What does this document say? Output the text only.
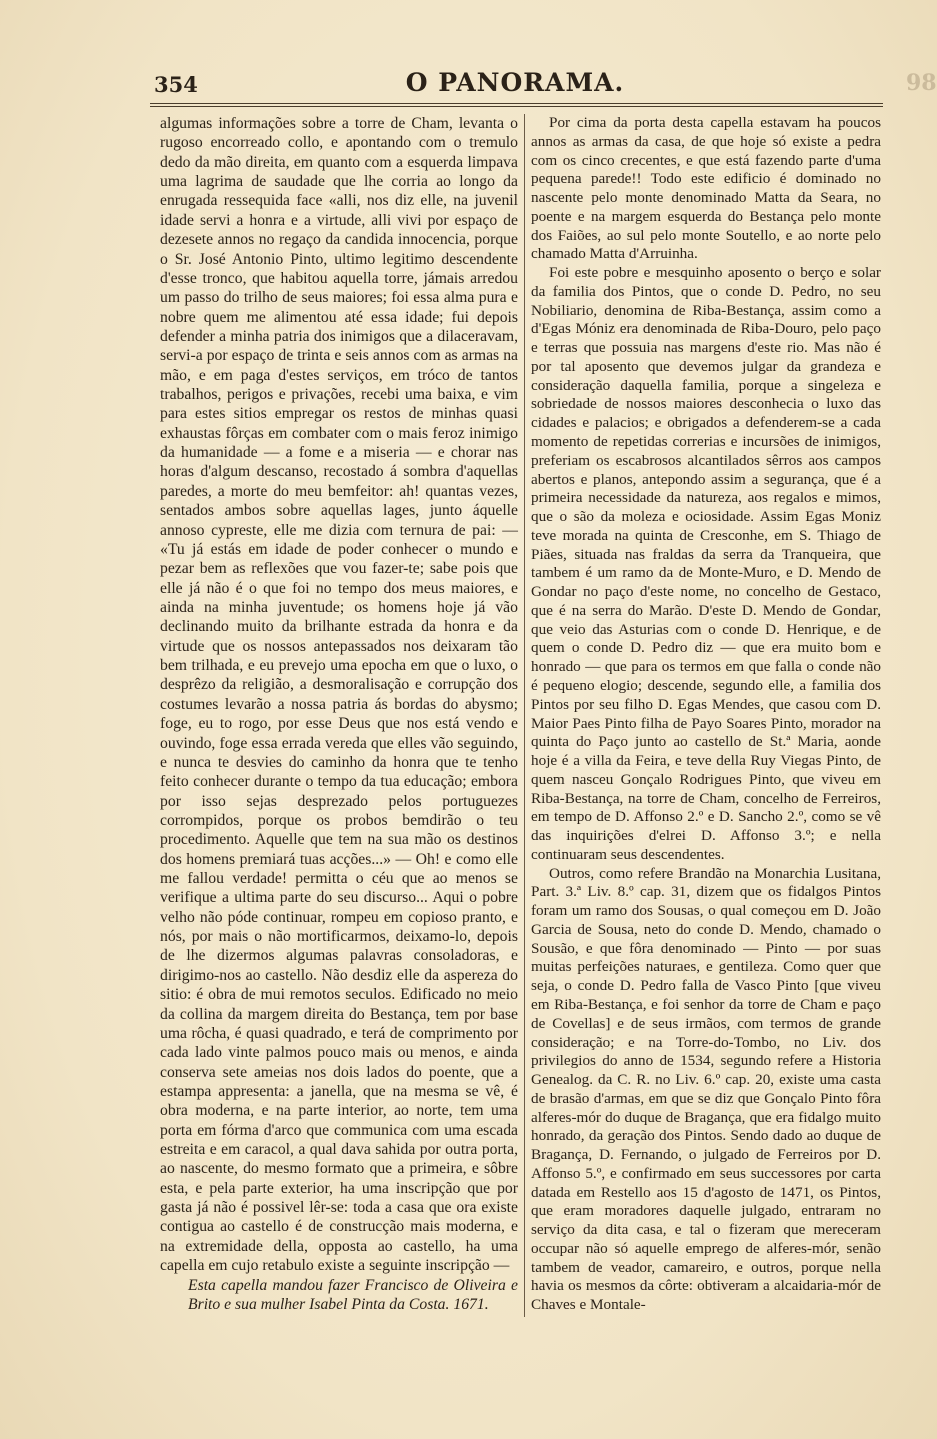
354	O PANORAMA.

algumas informações sobre a torre de Cham, levanta o rugoso encorreado collo, e apontando com o tremulo dedo da mão direita, em quanto com a esquerda limpava uma lagrima de saudade que lhe corria ao longo da enrugada ressequida face «alli, nos diz elle, na juvenil idade servi a honra e a virtude, alli vivi por espaço de dezesete annos no regaço da candida innocencia, porque o Sr. José Antonio Pinto, ultimo legitimo descendente d'esse tronco, que habitou aquella torre, jámais arredou um passo do trilho de seus maiores; foi essa alma pura e nobre quem me alimentou até essa idade; fui depois defender a minha patria dos inimigos que a dilaceravam, servi-a por espaço de trinta e seis annos com as armas na mão, e em paga d'estes serviços, em tróco de tantos trabalhos, perigos e privações, recebi uma baixa, e vim para estes sitios empregar os restos de minhas quasi exhaustas fôrças em combater com o mais feroz inimigo da humanidade — a fome e a miseria — e chorar nas horas d'algum descanso, recostado á sombra d'aquellas paredes, a morte do meu bemfeitor: ah! quantas vezes, sentados ambos sobre aquellas lages, junto áquelle annoso cypreste, elle me dizia com ternura de pai: — «Tu já estás em idade de poder conhecer o mundo e pezar bem as reflexões que vou fazer-te; sabe pois que elle já não é o que foi no tempo dos meus maiores, e ainda na minha juventude; os homens hoje já vão declinando muito da brilhante estrada da honra e da virtude que os nossos antepassados nos deixaram tão bem trilhada, e eu prevejo uma epocha em que o luxo, o desprêzo da religião, a desmoralisação e corrupção dos costumes levarão a nossa patria ás bordas do abysmo; foge, eu to rogo, por esse Deus que nos está vendo e ouvindo, foge essa errada vereda que elles vão seguindo, e nunca te desvies do caminho da honra que te tenho feito conhecer durante o tempo da tua educação; embora por isso sejas desprezado pelos portuguezes corrompidos, porque os probos bemdirão o teu procedimento. Aquelle que tem na sua mão os destinos dos homens premiará tuas acções...» — Oh! e como elle me fallou verdade! permitta o céu que ao menos se verifique a ultima parte do seu discurso... Aqui o pobre velho não póde continuar, rompeu em copioso pranto, e nós, por mais o não mortificarmos, deixamo-lo, depois de lhe dizermos algumas palavras consoladoras, e dirigimo-nos ao castello. Não desdiz elle da aspereza do sitio: é obra de mui remotos seculos. Edificado no meio da collina da margem direita do Bestança, tem por base uma rôcha, é quasi quadrado, e terá de comprimento por cada lado vinte palmos pouco mais ou menos, e ainda conserva sete ameias nos dois lados do poente, que a estampa appresenta: a janella, que na mesma se vê, é obra moderna, e na parte interior, ao norte, tem uma porta em fórma d'arco que communica com uma escada estreita e em caracol, a qual dava sahida por outra porta, ao nascente, do mesmo formato que a primeira, e sôbre esta, e pela parte exterior, ha uma inscripção que por gasta já não é possivel lêr-se: toda a casa que ora existe contigua ao castello é de construcção mais moderna, e na extremidade della, opposta ao castello, ha uma capella em cujo retabulo existe a seguinte inscripção —

Esta capella mandou fazer Francisco de Oliveira e Brito e sua mulher Isabel Pinta da Costa. 1671.

Por cima da porta desta capella estavam ha poucos annos as armas da casa, de que hoje só existe a pedra com os cinco crecentes, e que está fazendo parte d'uma pequena parede!! Todo este edificio é dominado no nascente pelo monte denominado Matta da Seara, no poente e na margem esquerda do Bestança pelo monte dos Faiões, ao sul pelo monte Soutello, e ao norte pelo chamado Matta d'Arruinha.

Foi este pobre e mesquinho aposento o berço e solar da familia dos Pintos, que o conde D. Pedro, no seu Nobiliario, denomina de Riba-Bestança, assim como a d'Egas Móniz era denominada de Riba-Douro, pelo paço e terras que possuia nas margens d'este rio. Mas não é por tal aposento que devemos julgar da grandeza e consideração daquella familia, porque a singeleza e sobriedade de nossos maiores desconhecia o luxo das cidades e palacios; e obrigados a defenderem-se a cada momento de repetidas correrias e incursões de inimigos, preferiam os escabrosos alcantilados sêrros aos campos abertos e planos, antepondo assim a segurança, que é a primeira necessidade da natureza, aos regalos e mimos, que o são da moleza e ociosidade. Assim Egas Moniz teve morada na quinta de Cresconhe, em S. Thiago de Piães, situada nas fraldas da serra da Tranqueira, que tambem é um ramo da de Monte-Muro, e D. Mendo de Gondar no paço d'este nome, no concelho de Gestaco, que é na serra do Marão. D'este D. Mendo de Gondar, que veio das Asturias com o conde D. Henrique, e de quem o conde D. Pedro diz — que era muito bom e honrado — que para os termos em que falla o conde não é pequeno elogio; descende, segundo elle, a familia dos Pintos por seu filho D. Egas Mendes, que casou com D. Maior Paes Pinto filha de Payo Soares Pinto, morador na quinta do Paço junto ao castello de St.ª Maria, aonde hoje é a villa da Feira, e teve della Ruy Viegas Pinto, de quem nasceu Gonçalo Rodrigues Pinto, que viveu em Riba-Bestança, na torre de Cham, concelho de Ferreiros, em tempo de D. Affonso 2.º e D. Sancho 2.º, como se vê das inquirições d'elrei D. Affonso 3.º; e nella continuaram seus descendentes.

Outros, como refere Brandão na Monarchia Lusitana, Part. 3.ª Liv. 8.º cap. 31, dizem que os fidalgos Pintos foram um ramo dos Sousas, o qual começou em D. João Garcia de Sousa, neto do conde D. Mendo, chamado o Sousão, e que fôra denominado — Pinto — por suas muitas perfeições naturaes, e gentileza. Como quer que seja, o conde D. Pedro falla de Vasco Pinto [que viveu em Riba-Bestança, e foi senhor da torre de Cham e paço de Covellas] e de seus irmãos, com termos de grande consideração; e na Torre-do-Tombo, no Liv. dos privilegios do anno de 1534, segundo refere a Historia Genealog. da C. R. no Liv. 6.º cap. 20, existe uma casta de brasão d'armas, em que se diz que Gonçalo Pinto fôra alferes-mór do duque de Bragança, que era fidalgo muito honrado, da geração dos Pintos. Sendo dado ao duque de Bragança, D. Fernando, o julgado de Ferreiros por D. Affonso 5.º, e confirmado em seus successores por carta datada em Restello aos 15 d'agosto de 1471, os Pintos, que eram moradores daquelle julgado, entraram no serviço da dita casa, e tal o fizeram que mereceram occupar não só aquelle emprego de alferes-mór, senão tambem de veador, camareiro, e outros, porque nella havia os mesmos da côrte: obtiveram a alcaidaria-mór de Chaves e Montale-

98
